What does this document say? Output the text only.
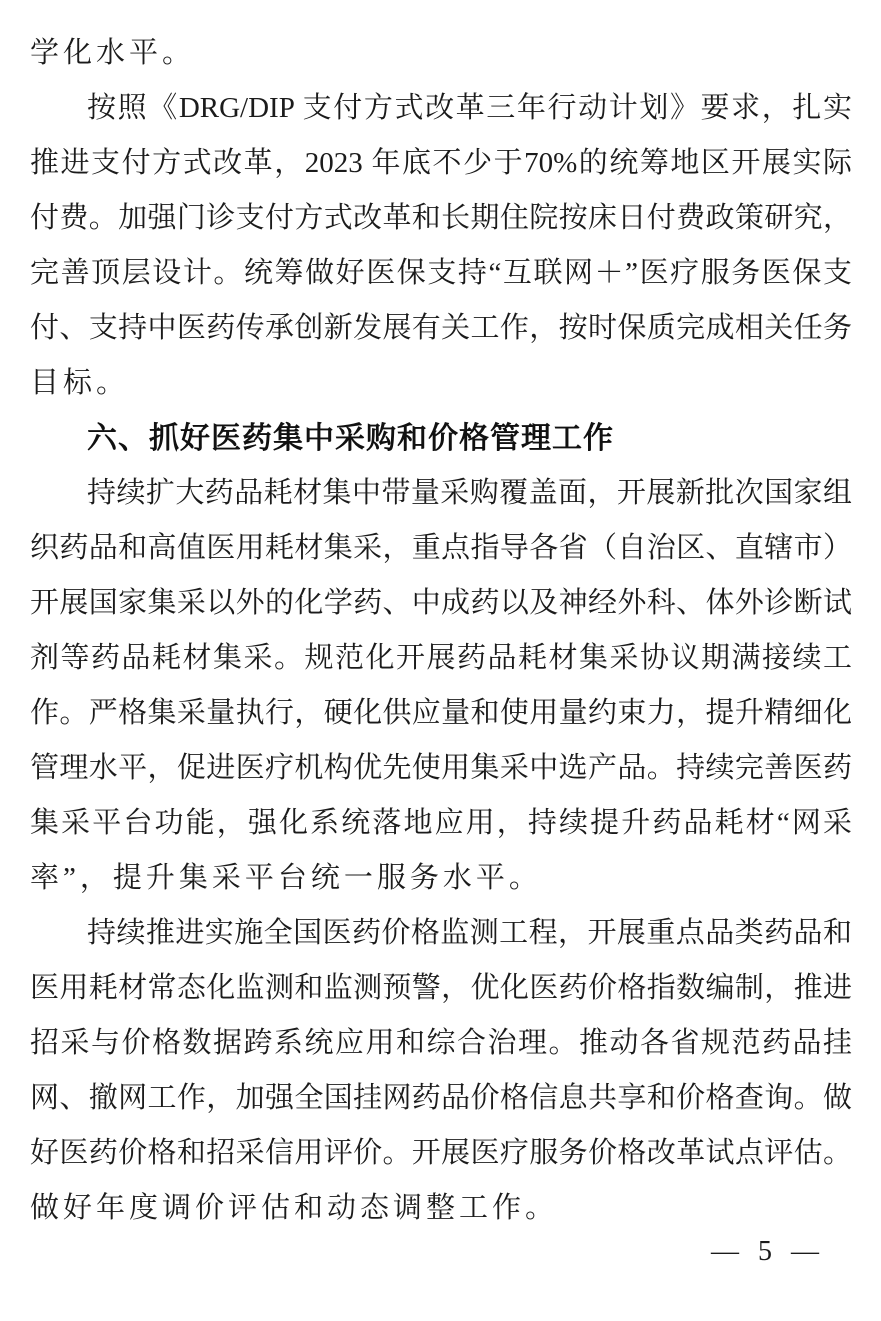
学化水平。
按照《DRG/DIP 支付方式改革三年行动计划》要求，扎实
推进支付方式改革，2023 年底不少于70%的统筹地区开展实际
付费。加强门诊支付方式改革和长期住院按床日付费政策研究，
完善顶层设计。统筹做好医保支持“互联网＋”医疗服务医保支
付、支持中医药传承创新发展有关工作，按时保质完成相关任务
目标。
六、抓好医药集中采购和价格管理工作
持续扩大药品耗材集中带量采购覆盖面，开展新批次国家组
织药品和高值医用耗材集采，重点指导各省（自治区、直辖市）
开展国家集采以外的化学药、中成药以及神经外科、体外诊断试
剂等药品耗材集采。规范化开展药品耗材集采协议期满接续工
作。严格集采量执行，硬化供应量和使用量约束力，提升精细化
管理水平，促进医疗机构优先使用集采中选产品。持续完善医药
集采平台功能，强化系统落地应用，持续提升药品耗材“网采
率”，提升集采平台统一服务水平。
持续推进实施全国医药价格监测工程，开展重点品类药品和
医用耗材常态化监测和监测预警，优化医药价格指数编制，推进
招采与价格数据跨系统应用和综合治理。推动各省规范药品挂
网、撤网工作，加强全国挂网药品价格信息共享和价格查询。做
好医药价格和招采信用评价。开展医疗服务价格改革试点评估。
做好年度调价评估和动态调整工作。
— 5 —
